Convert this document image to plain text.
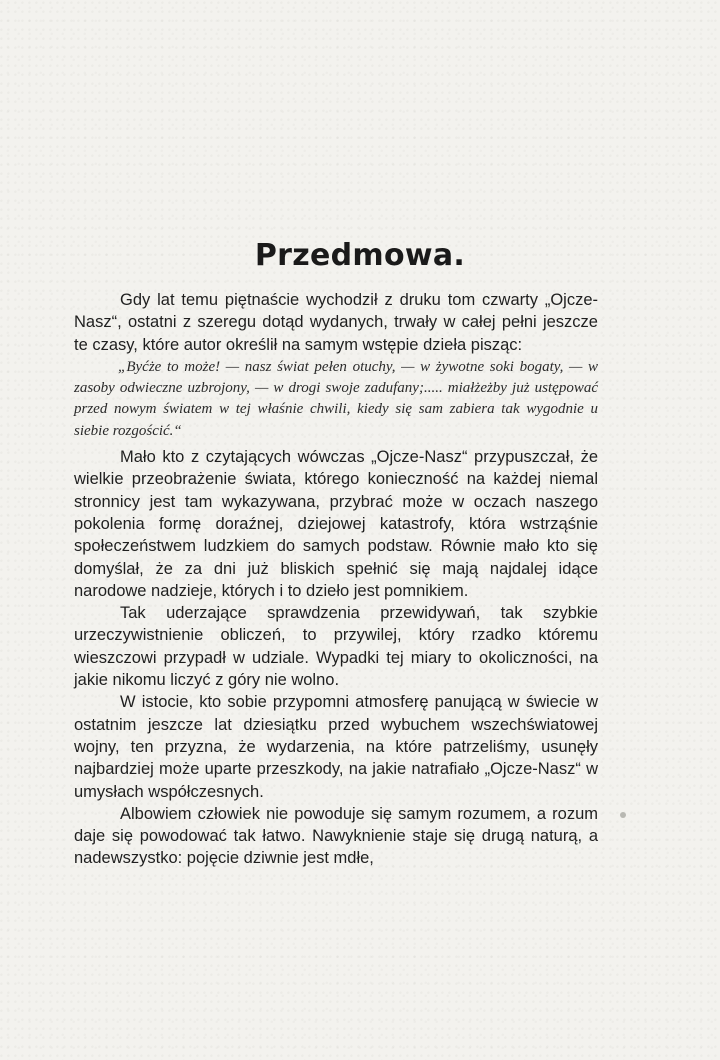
Przedmowa.

Gdy lat temu piętnaście wychodził z druku tom czwarty „Ojcze-Nasz“, ostatni z szeregu dotąd wydanych, trwały w całej pełni jeszcze te czasy, które autor określił na samym wstępie dzieła pisząc:

„Byćże to może! — nasz świat pełen otuchy, — w żywotne soki bogaty, — w zasoby odwieczne uzbrojony, — w drogi swoje zadufany;..... miałżeżby już ustępować przed nowym światem w tej właśnie chwili, kiedy się sam zabiera tak wygodnie u siebie rozgościć.“

Mało kto z czytających wówczas „Ojcze-Nasz“ przypuszczał, że wielkie przeobrażenie świata, którego konieczność na każdej niemal stronnicy jest tam wykazywana, przybrać może w oczach naszego pokolenia formę doraźnej, dziejowej katastrofy, która wstrząśnie społeczeństwem ludzkiem do samych podstaw. Równie mało kto się domyślał, że za dni już bliskich spełnić się mają najdalej idące narodowe nadzieje, których i to dzieło jest pomnikiem.

Tak uderzające sprawdzenia przewidywań, tak szybkie urzeczywistnienie obliczeń, to przywilej, który rzadko któremu wieszczowi przypadł w udziale. Wypadki tej miary to okoliczności, na jakie nikomu liczyć z góry nie wolno.

W istocie, kto sobie przypomni atmosferę panującą w świecie w ostatnim jeszcze lat dziesiątku przed wybuchem wszechświatowej wojny, ten przyzna, że wydarzenia, na które patrzeliśmy, usunęły najbardziej może uparte przeszkody, na jakie natrafiało „Ojcze-Nasz“ w umysłach współczesnych.

Albowiem człowiek nie powoduje się samym rozumem, a rozum daje się powodować tak łatwo. Nawyknienie staje się drugą naturą, a nadewszystko: pojęcie dziwnie jest mdłe,
